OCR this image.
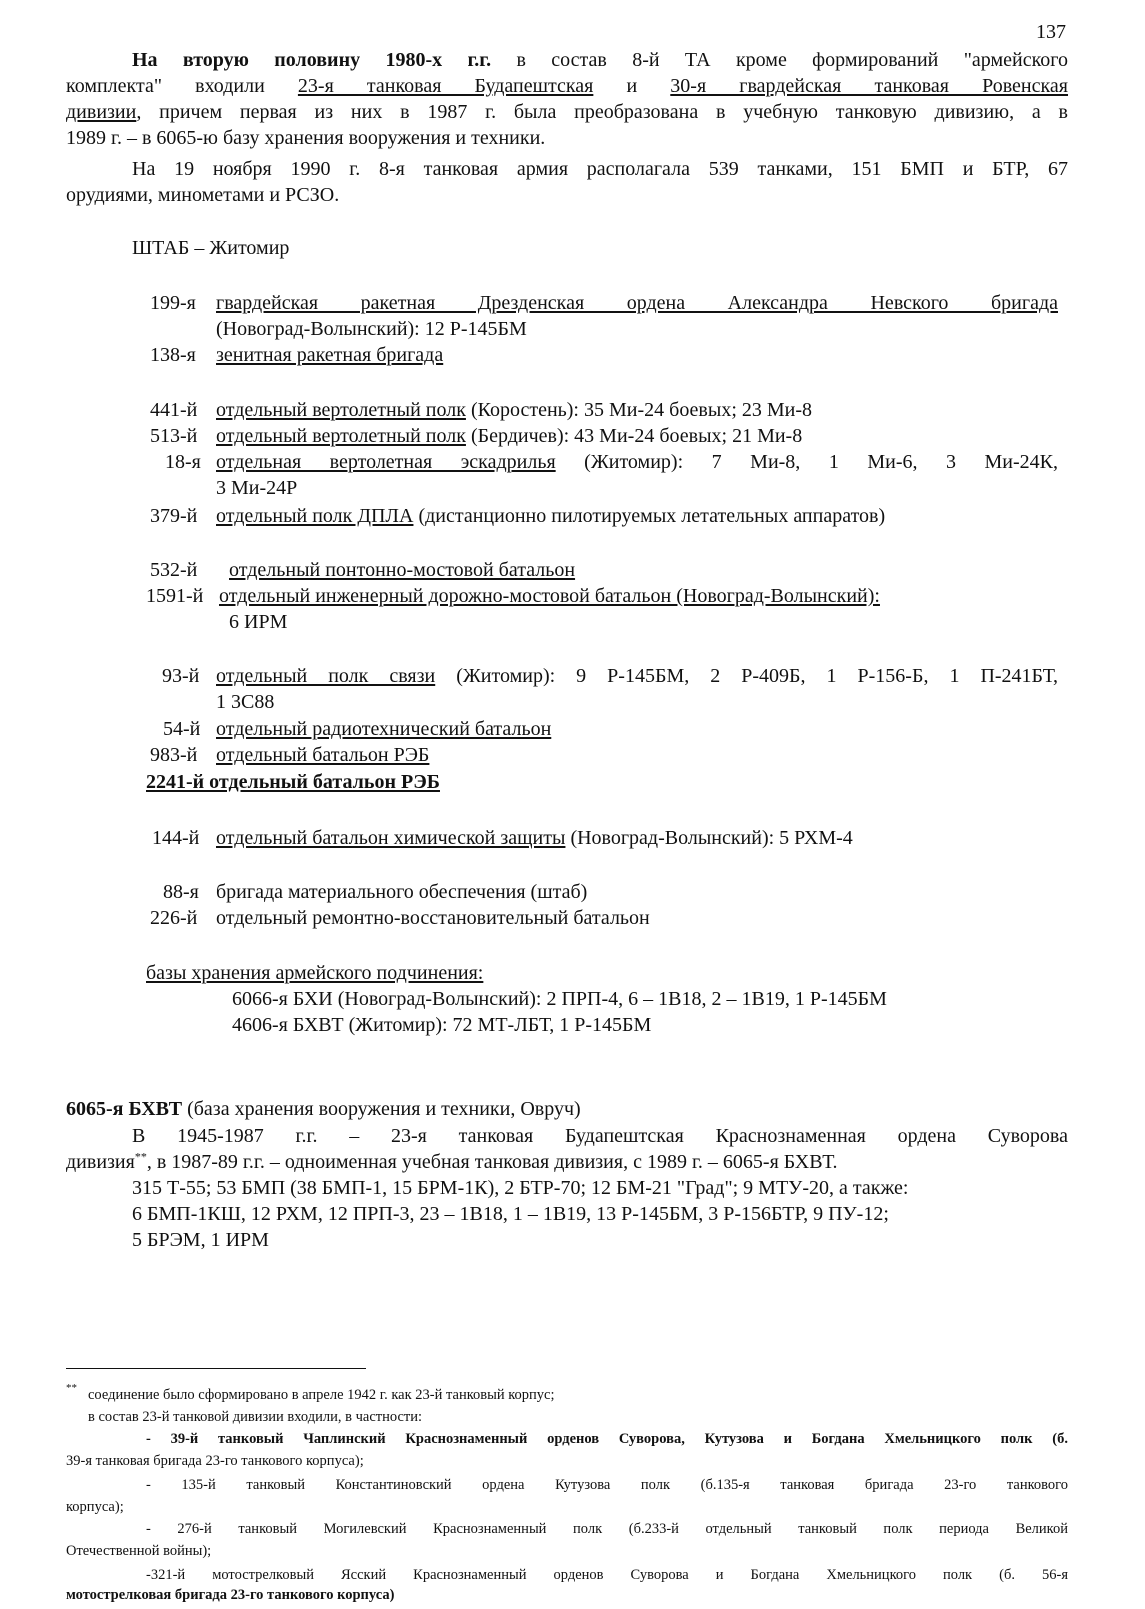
137
На вторую половину 1980-х г.г. в состав 8-й ТА кроме формирований "армейского
комплекта" входили 23-я танковая Будапештская и 30-я гвардейская танковая Ровенская
дивизии, причем первая из них в 1987 г. была преобразована в учебную танковую дивизию, а в
1989 г. – в 6065-ю базу хранения вооружения и техники.
На 19 ноября 1990 г. 8-я танковая армия располагала 539 танками, 151 БМП и БТР, 67
орудиями, минометами и РСЗО.
ШТАБ – Житомир
199-я гвардейская ракетная Дрезденская ордена Александра Невского бригада
(Новоград-Волынский): 12 Р-145БМ
138-я зенитная ракетная бригада
441-й отдельный вертолетный полк (Коростень): 35 Ми-24 боевых; 23 Ми-8
513-й отдельный вертолетный полк (Бердичев): 43 Ми-24 боевых; 21 Ми-8
18-я отдельная вертолетная эскадрилья (Житомир): 7 Ми-8, 1 Ми-6, 3 Ми-24К,
3 Ми-24Р
379-й отдельный полк ДПЛА (дистанционно пилотируемых летательных аппаратов)
532-й отдельный понтонно-мостовой батальон
1591-й отдельный инженерный дорожно-мостовой батальон (Новоград-Волынский):
6 ИРМ
93-й отдельный полк связи (Житомир): 9 Р-145БМ, 2 Р-409Б, 1 Р-156-Б, 1 П-241БТ,
1 3С88
54-й отдельный радиотехнический батальон
983-й отдельный батальон РЭБ
2241-й отдельный батальон РЭБ
144-й отдельный батальон химической защиты (Новоград-Волынский): 5 РХМ-4
88-я бригада материального обеспечения (штаб)
226-й отдельный ремонтно-восстановительный батальон
базы хранения армейского подчинения:
6066-я БХИ (Новоград-Волынский): 2 ПРП-4, 6 – 1В18, 2 – 1В19, 1 Р-145БМ
4606-я БХВТ (Житомир): 72 МТ-ЛБТ, 1 Р-145БМ
6065-я БХВТ (база хранения вооружения и техники, Овруч)
В 1945-1987 г.г. – 23-я танковая Будапештская Краснознаменная ордена Суворова
дивизия**, в 1987-89 г.г. – одноименная учебная танковая дивизия, с 1989 г. – 6065-я БХВТ.
315 Т-55; 53 БМП (38 БМП-1, 15 БРМ-1К), 2 БТР-70; 12 БМ-21 "Град"; 9 МТУ-20, а также:
6 БМП-1КШ, 12 РХМ, 12 ПРП-3, 23 – 1В18, 1 – 1В19, 13 Р-145БМ, 3 Р-156БТР, 9 ПУ-12;
5 БРЭМ, 1 ИРМ
** соединение было сформировано в апреле 1942 г. как 23-й танковый корпус;
в состав 23-й танковой дивизии входили, в частности:
- 39-й танковый Чаплинский Краснознаменный орденов Суворова, Кутузова и Богдана Хмельницкого полк (б.
39-я танковая бригада 23-го танкового корпуса);
- 135-й танковый Константиновский ордена Кутузова полк (б.135-я танковая бригада 23-го танкового
корпуса);
- 276-й танковый Могилевский Краснознаменный полк (б.233-й отдельный танковый полк периода Великой
Отечественной войны);
-321-й мотострелковый Ясский Краснознаменный орденов Суворова и Богдана Хмельницкого полк (б. 56-я
мотострелковая бригада 23-го танкового корпуса)
